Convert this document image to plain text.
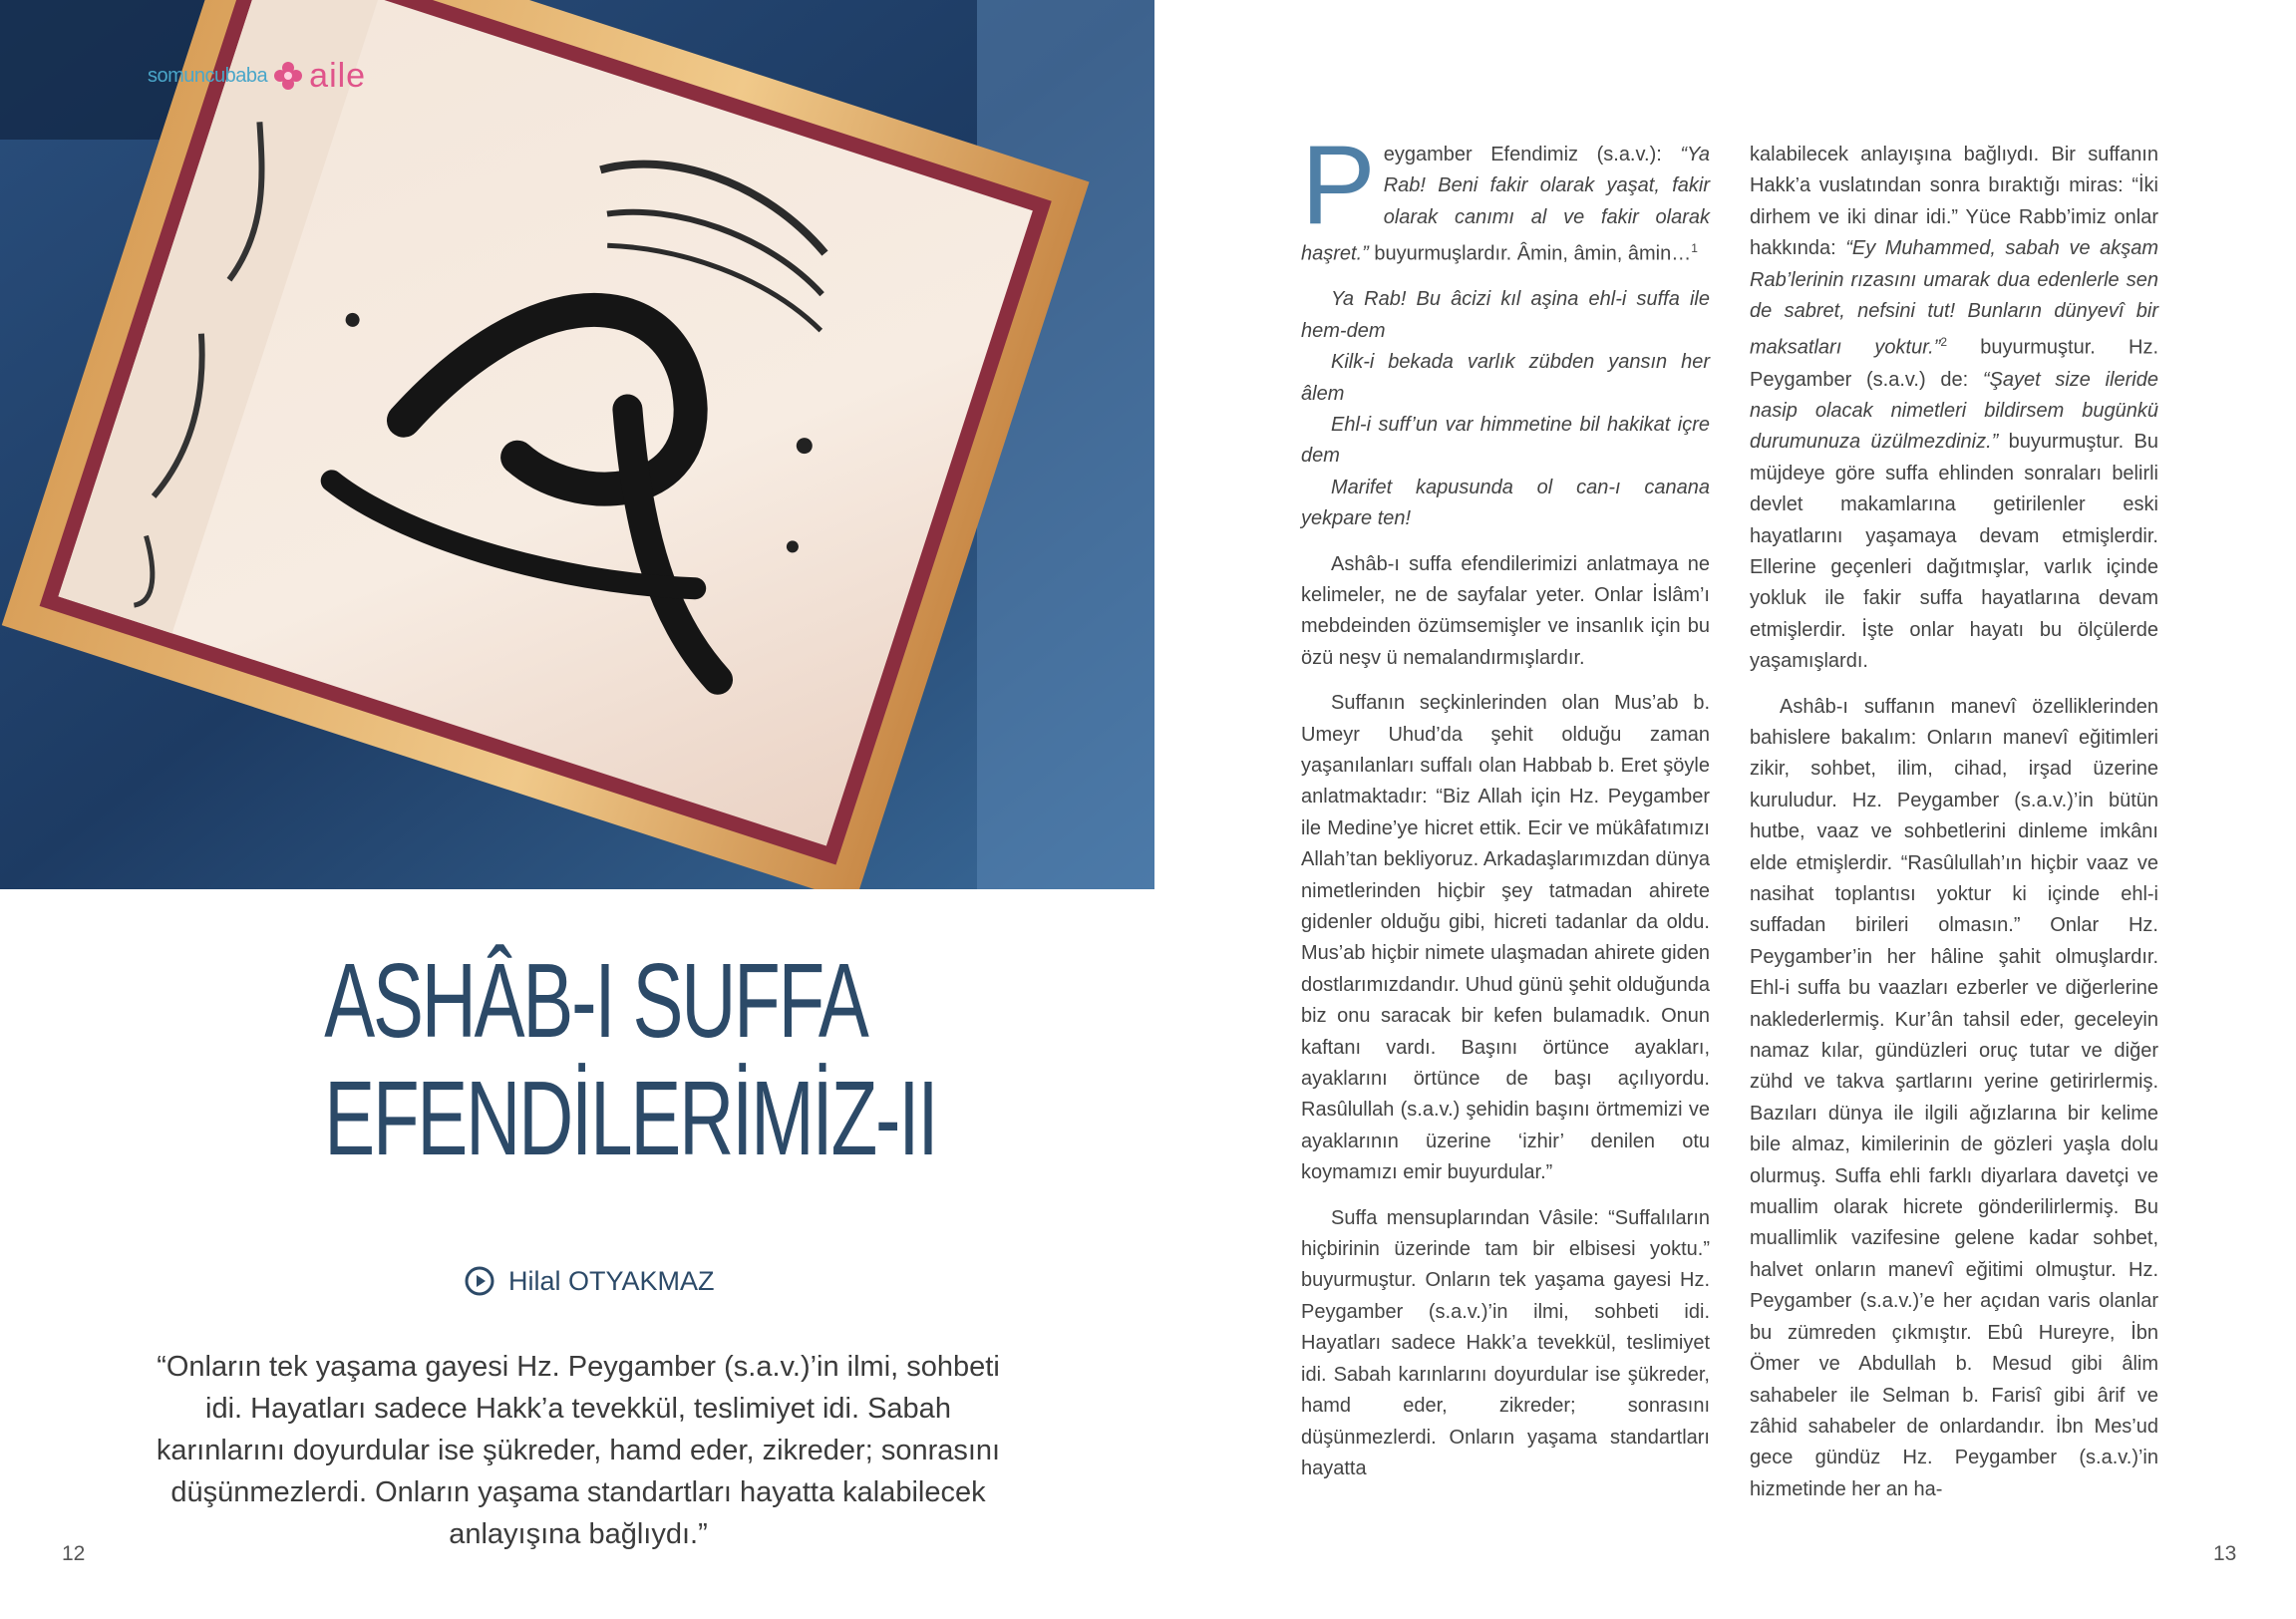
somuncubaba aile
ASHÂB-I SUFFA
EFENDİLERİMİZ-II
Hilal OTYAKMAZ
“Onların tek yaşama gayesi Hz. Peygamber (s.a.v.)’in ilmi, sohbeti idi. Hayatları sadece Hakk’a tevekkül, teslimiyet idi. Sabah karınlarını doyurdular ise şükreder, hamd eder, zikreder; sonrasını düşünmezlerdi. Onların yaşama standartları hayatta kalabilecek anlayışına bağlıydı.”

Peygamber Efendimiz (s.a.v.): “Ya Rab! Beni fakir olarak yaşat, fakir olarak canımı al ve fakir olarak haşret.” buyurmuşlardır. Âmin, âmin, âmin…$^1$

Ya Rab! Bu âcizi kıl aşina ehl-i suffa ile hem-dem

Kilk-i bekada varlık zübden yansın her âlem

Ehl-i suff’un var himmetine bil hakikat içre dem

Marifet kapusunda ol can-ı canana yekpare ten!

Ashâb-ı suffa efendilerimizi anlatmaya ne kelimeler, ne de sayfalar yeter. Onlar İslâm’ı mebdeinden özümsemişler ve insanlık için bu özü neşv ü nemalandırmışlardır.

Suffanın seçkinlerinden olan Mus’ab b. Umeyr Uhud’da şehit olduğu zaman yaşanılanları suffalı olan Habbab b. Eret şöyle anlatmaktadır: “Biz Allah için Hz. Peygamber ile Medine’ye hicret ettik. Ecir ve mükâfatımızı Allah’tan bekliyoruz. Arkadaşlarımızdan dünya nimetlerinden hiçbir şey tatmadan ahirete gidenler olduğu gibi, hicreti tadanlar da oldu. Mus’ab hiçbir nimete ulaşmadan ahirete giden dostlarımızdandır. Uhud günü şehit olduğunda biz onu saracak bir kefen bulamadık. Onun kaftanı vardı. Başını örtünce ayakları, ayaklarını örtünce de başı açılıyordu. Rasûlullah (s.a.v.) şehidin başını örtmemizi ve ayaklarının üzerine ‘izhir’ denilen otu koymamızı emir buyurdular.”

Suffa mensuplarından Vâsile: “Suffalıların hiçbirinin üzerinde tam bir elbisesi yoktu.” buyurmuştur. Onların tek yaşama gayesi Hz. Peygamber (s.a.v.)’in ilmi, sohbeti idi. Hayatları sadece Hakk’a tevekkül, teslimiyet idi. Sabah karınlarını doyurdular ise şükreder, hamd eder, zikreder; sonrasını düşünmezlerdi. Onların yaşama standartları hayatta

kalabilecek anlayışına bağlıydı. Bir suffanın Hakk’a vuslatından sonra bıraktığı miras: “İki dirhem ve iki dinar idi.” Yüce Rabb’imiz onlar hakkında: “Ey Muhammed, sabah ve akşam Rab’lerinin rızasını umarak dua edenlerle sen de sabret, nefsini tut! Bunların dünyevî bir maksatları yoktur.”$^2$ buyurmuştur. Hz. Peygamber (s.a.v.) de: “Şayet size ileride nasip olacak nimetleri bildirsem bugünkü durumunuza üzülmezdiniz.” buyurmuştur. Bu müjdeye göre suffa ehlinden sonraları belirli devlet makamlarına getirilenler eski hayatlarını yaşamaya devam etmişlerdir. Ellerine geçenleri dağıtmışlar, varlık içinde yokluk ile fakir suffa hayatlarına devam etmişlerdir. İşte onlar hayatı bu ölçülerde yaşamışlardı.

Ashâb-ı suffanın manevî özelliklerinden bahislere bakalım: Onların manevî eğitimleri zikir, sohbet, ilim, cihad, irşad üzerine kuruludur. Hz. Peygamber (s.a.v.)’in bütün hutbe, vaaz ve sohbetlerini dinleme imkânı elde etmişlerdir. “Rasûlullah’ın hiçbir vaaz ve nasihat toplantısı yoktur ki içinde ehl-i suffadan birileri olmasın.” Onlar Hz. Peygamber’in her hâline şahit olmuşlardır. Ehl-i suffa bu vaazları ezberler ve diğerlerine naklederlermiş. Kur’ân tahsil eder, geceleyin namaz kılar, gündüzleri oruç tutar ve diğer zühd ve takva şartlarını yerine getirirlermiş. Bazıları dünya ile ilgili ağızlarına bir kelime bile almaz, kimilerinin de gözleri yaşla dolu olurmuş. Suffa ehli farklı diyarlara davetçi ve muallim olarak hicrete gönderilirlermiş. Bu muallimlik vazifesine gelene kadar sohbet, halvet onların manevî eğitimi olmuştur. Hz. Peygamber (s.a.v.)’e her açıdan varis olanlar bu zümreden çıkmıştır. Ebû Hureyre, İbn Ömer ve Abdullah b. Mesud gibi âlim sahabeler ile Selman b. Farisî gibi ârif ve zâhid sahabeler de onlardandır. İbn Mes’ud gece gündüz Hz. Peygamber (s.a.v.)’in hizmetinde her an ha-

12	13
